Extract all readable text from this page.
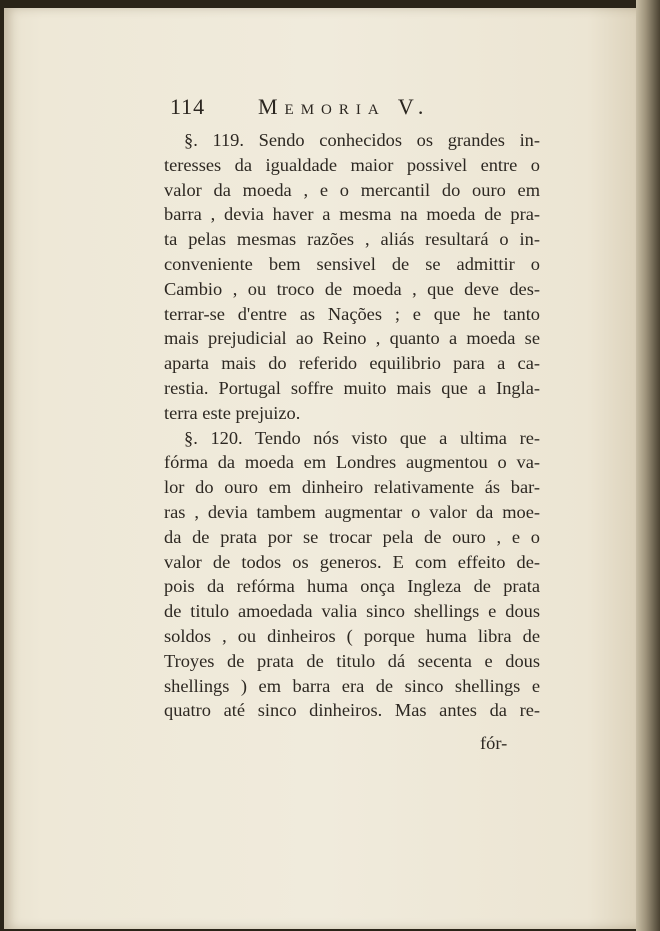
114 Memoria V.
§. 119. Sendo conhecidos os grandes in-
teresses da igualdade maior possivel entre o
valor da moeda , e o mercantil do ouro em
barra , devia haver a mesma na moeda de pra-
ta pelas mesmas razões , aliás resultará o in-
conveniente bem sensivel de se admittir o
Cambio , ou troco de moeda , que deve des-
terrar-se d'entre as Nações ; e que he tanto
mais prejudicial ao Reino , quanto a moeda se
aparta mais do referido equilibrio para a ca-
restia. Portugal soffre muito mais que a Ingla-
terra este prejuizo.
§. 120. Tendo nós visto que a ultima re-
fórma da moeda em Londres augmentou o va-
lor do ouro em dinheiro relativamente ás bar-
ras , devia tambem augmentar o valor da moe-
da de prata por se trocar pela de ouro , e o
valor de todos os generos. E com effeito de-
pois da refórma huma onça Ingleza de prata
de titulo amoedada valia sinco shellings e dous
soldos , ou dinheiros ( porque huma libra de
Troyes de prata de titulo dá secenta e dous
shellings ) em barra era de sinco shellings e
quatro até sinco dinheiros. Mas antes da re-
fór-
